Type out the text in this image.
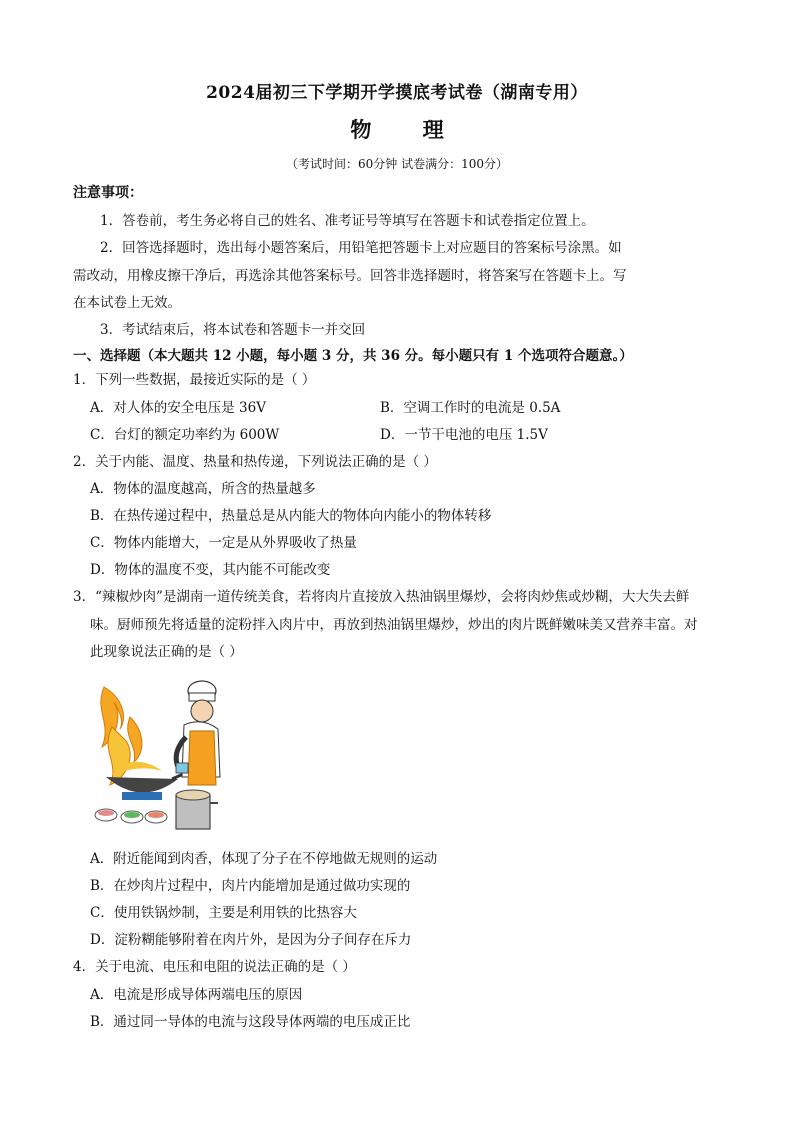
2024届初三下学期开学摸底考试卷（湖南专用）
物 理
（考试时间：60分钟 试卷满分：100分）
注意事项：
1．答卷前，考生务必将自己的姓名、准考证号等填写在答题卡和试卷指定位置上。
2．回答选择题时，选出每小题答案后，用铅笔把答题卡上对应题目的答案标号涂黑。如
需改动，用橡皮擦干净后，再选涂其他答案标号。回答非选择题时，将答案写在答题卡上。写
在本试卷上无效。
3．考试结束后，将本试卷和答题卡一并交回
一、选择题（本大题共 12 小题，每小题 3 分，共 36 分。每小题只有 1 个选项符合题意。）
1．下列一些数据，最接近实际的是（ ）
A．对人体的安全电压是 36V	B．空调工作时的电流是 0.5A
C．台灯的额定功率约为 600W	D．一节干电池的电压 1.5V
2．关于内能、温度、热量和热传递，下列说法正确的是（ ）
A．物体的温度越高，所含的热量越多
B．在热传递过程中，热量总是从内能大的物体向内能小的物体转移
C．物体内能增大，一定是从外界吸收了热量
D．物体的温度不变，其内能不可能改变
3．“辣椒炒肉”是湖南一道传统美食，若将肉片直接放入热油锅里爆炒，会将肉炒焦或炒糊，大大失去鲜
味。厨师预先将适量的淀粉拌入肉片中，再放到热油锅里爆炒，炒出的肉片既鲜嫩味美又营养丰富。对
此现象说法正确的是（ ）
A．附近能闻到肉香，体现了分子在不停地做无规则的运动
B．在炒肉片过程中，肉片内能增加是通过做功实现的
C．使用铁锅炒制，主要是利用铁的比热容大
D．淀粉糊能够附着在肉片外，是因为分子间存在斥力
4．关于电流、电压和电阻的说法正确的是（ ）
A．电流是形成导体两端电压的原因
B．通过同一导体的电流与这段导体两端的电压成正比
